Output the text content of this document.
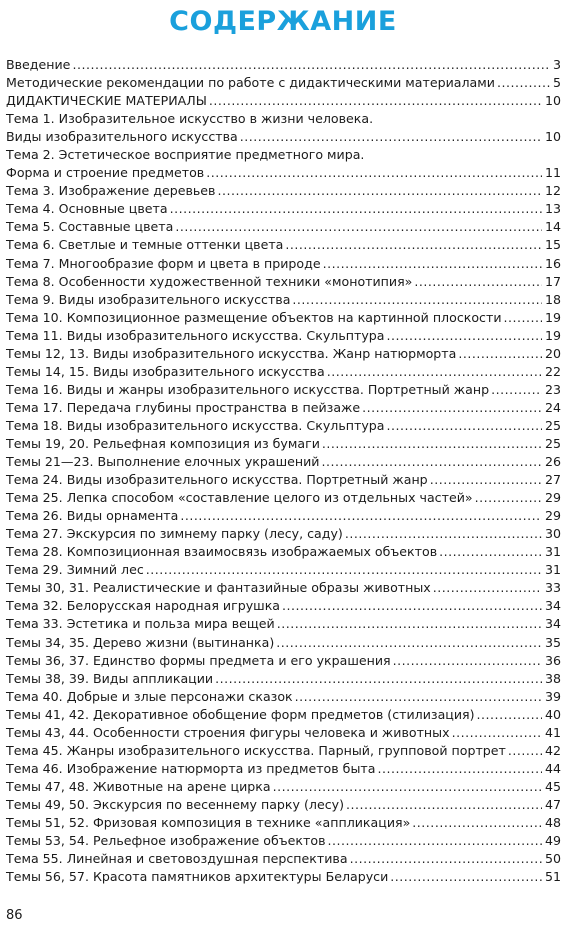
СОДЕРЖАНИЕ
Введение .....	3
Методические рекомендации по работе с дидактическими материалами .....	5
ДИДАКТИЧЕСКИЕ МАТЕРИАЛЫ .....	10
Тема 1. Изобразительное искусство в жизни человека.
Виды изобразительного искусства .....	10
Тема 2. Эстетическое восприятие предметного мира.
Форма и строение предметов .....	11
Тема 3. Изображение деревьев .....	12
Тема 4. Основные цвета .....	13
Тема 5. Составные цвета .....	14
Тема 6. Светлые и темные оттенки цвета .....	15
Тема 7. Многообразие форм и цвета в природе .....	16
Тема 8. Особенности художественной техники «монотипия» .....	17
Тема 9. Виды изобразительного искусства .....	18
Тема 10. Композиционное размещение объектов на картинной плоскости .....	19
Тема 11. Виды изобразительного искусства. Скульптура .....	19
Темы 12, 13. Виды изобразительного искусства. Жанр натюрморта .....	20
Темы 14, 15. Виды изобразительного искусства .....	22
Тема 16. Виды и жанры изобразительного искусства. Портретный жанр .....	23
Тема 17. Передача глубины пространства в пейзаже .....	24
Тема 18. Виды изобразительного искусства. Скульптура .....	25
Темы 19, 20. Рельефная композиция из бумаги .....	25
Темы 21—23. Выполнение елочных украшений .....	26
Тема 24. Виды изобразительного искусства. Портретный жанр .....	27
Тема 25. Лепка способом «составление целого из отдельных частей» .....	29
Тема 26. Виды орнамента .....	29
Тема 27. Экскурсия по зимнему парку (лесу, саду) .....	30
Тема 28. Композиционная взаимосвязь изображаемых объектов .....	31
Тема 29. Зимний лес .....	31
Темы 30, 31. Реалистические и фантазийные образы животных .....	33
Тема 32. Белорусская народная игрушка .....	34
Тема 33. Эстетика и польза мира вещей .....	34
Темы 34, 35. Дерево жизни (вытинанка) .....	35
Темы 36, 37. Единство формы предмета и его украшения .....	36
Темы 38, 39. Виды аппликации .....	38
Тема 40. Добрые и злые персонажи сказок .....	39
Темы 41, 42. Декоративное обобщение форм предметов (стилизация) .....	40
Темы 43, 44. Особенности строения фигуры человека и животных .....	41
Тема 45. Жанры изобразительного искусства. Парный, групповой портрет .....	42
Тема 46. Изображение натюрморта из предметов быта .....	44
Темы 47, 48. Животные на арене цирка .....	45
Темы 49, 50. Экскурсия по весеннему парку (лесу) .....	47
Темы 51, 52. Фризовая композиция в технике «аппликация» .....	48
Темы 53, 54. Рельефное изображение объектов .....	49
Тема 55. Линейная и световоздушная перспектива .....	50
Темы 56, 57. Красота памятников архитектуры Беларуси .....	51
86
